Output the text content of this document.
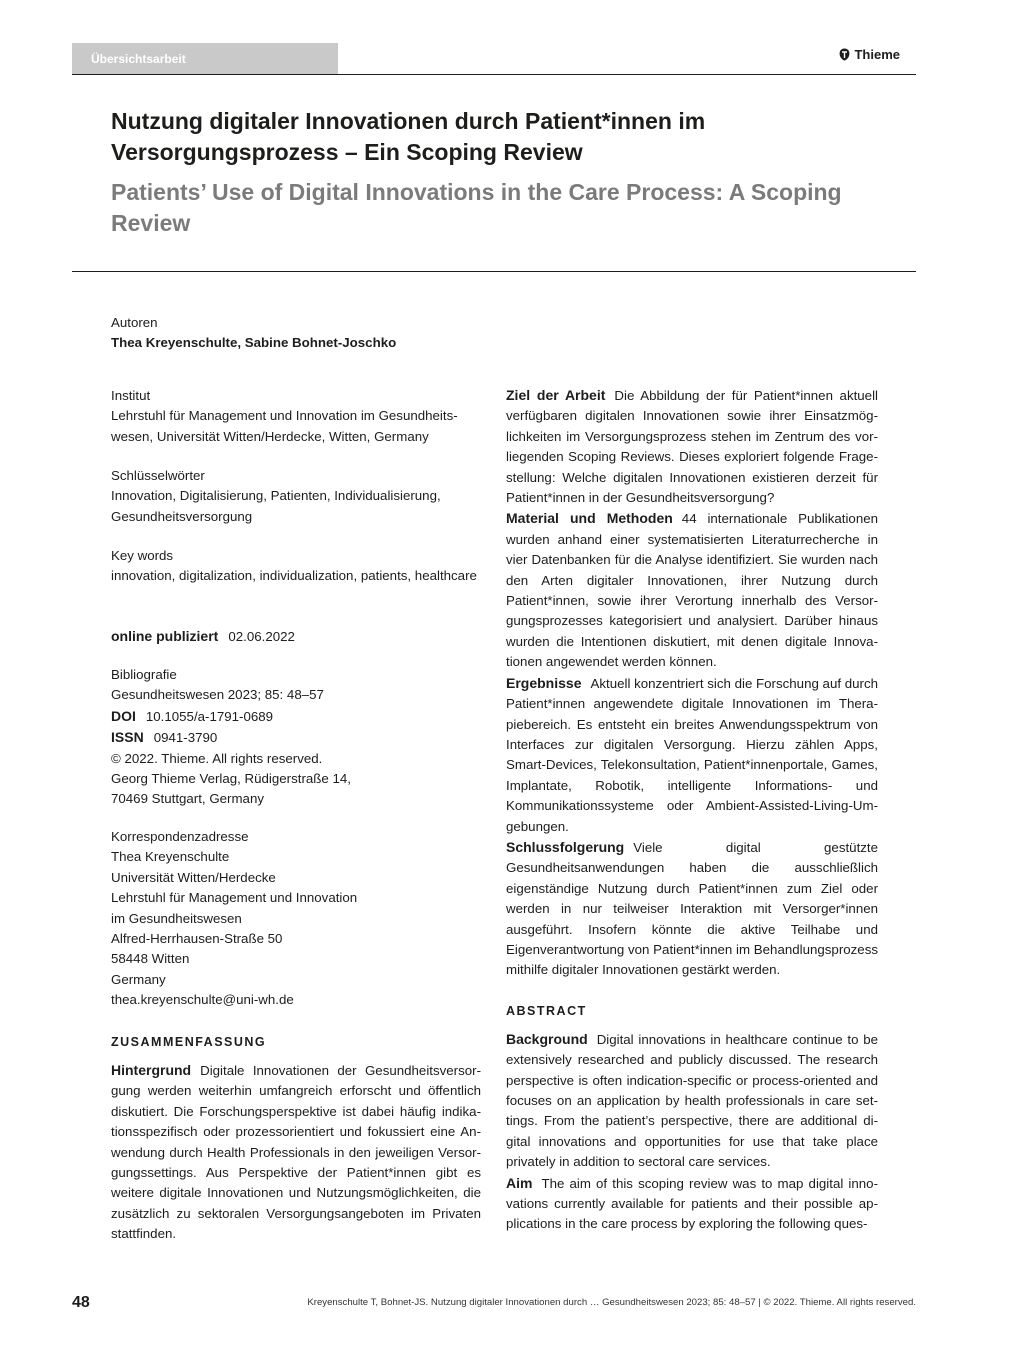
Übersichtsarbeit	Thieme
Nutzung digitaler Innovationen durch Patient*innen im Versorgungsprozess – Ein Scoping Review
Patients’ Use of Digital Innovations in the Care Process: A Scoping Review
Autoren
Thea Kreyenschulte, Sabine Bohnet-Joschko
Institut
Lehrstuhl für Management und Innovation im Gesundheitswesen, Universität Witten/Herdecke, Witten, Germany
Schlüsselwörter
Innovation, Digitalisierung, Patienten, Individualisierung, Gesundheitsversorgung
Key words
innovation, digitalization, individualization, patients, healthcare
online publiziert 02.06.2022
Bibliografie
Gesundheitswesen 2023; 85: 48–57
DOI 10.1055/a-1791-0689
ISSN 0941-3790
© 2022. Thieme. All rights reserved.
Georg Thieme Verlag, Rüdigerstraße 14,
70469 Stuttgart, Germany
Korrespondenzadresse
Thea Kreyenschulte
Universität Witten/Herdecke
Lehrstuhl für Management und Innovation
im Gesundheitswesen
Alfred-Herrhausen-Straße 50
58448 Witten
Germany
thea.kreyenschulte@uni-wh.de
ZUSAMMENFASSUNG

Hintergrund Digitale Innovationen der Gesundheitsversorgung werden weiterhin umfangreich erforscht und öffentlich diskutiert. Die Forschungsperspektive ist dabei häufig indikationsspezifisch oder prozessorientiert und fokussiert eine Anwendung durch Health Professionals in den jeweiligen Versorgungssettings. Aus Perspektive der Patient*innen gibt es weitere digitale Innovationen und Nutzungsmöglichkeiten, die zusätzlich zu sektoralen Versorgungsangeboten im Privaten stattfinden.

Ziel der Arbeit Die Abbildung der für Patient*innen aktuell verfügbaren digitalen Innovationen sowie ihrer Einsatzmöglichkeiten im Versorgungsprozess stehen im Zentrum des vorliegenden Scoping Reviews. Dieses exploriert folgende Fragestellung: Welche digitalen Innovationen existieren derzeit für Patient*innen in der Gesundheitsversorgung?

Material und Methoden 44 internationale Publikationen wurden anhand einer systematisierten Literaturrecherche in vier Datenbanken für die Analyse identifiziert. Sie wurden nach den Arten digitaler Innovationen, ihrer Nutzung durch Patient*innen, sowie ihrer Verortung innerhalb des Versorgungsprozesses kategorisiert und analysiert. Darüber hinaus wurden die Intentionen diskutiert, mit denen digitale Innovationen angewendet werden können.

Ergebnisse Aktuell konzentriert sich die Forschung auf durch Patient*innen angewendete digitale Innovationen im Therapiebereich. Es entsteht ein breites Anwendungsspektrum von Interfaces zur digitalen Versorgung. Hierzu zählen Apps, Smart-Devices, Telekonsultation, Patient*innenportale, Games, Implantate, Robotik, intelligente Informations- und Kommunikationssysteme oder Ambient-Assisted-Living-Umgebungen.

Schlussfolgerung Viele digital gestützte Gesundheitsanwendungen haben die ausschließlich eigenständige Nutzung durch Patient*innen zum Ziel oder werden in nur teilweiser Interaktion mit Versorger*innen ausgeführt. Insofern könnte die aktive Teilhabe und Eigenverantwortung von Patient*innen im Behandlungsprozess mithilfe digitaler Innovationen gestärkt werden.

ABSTRACT

Background Digital innovations in healthcare continue to be extensively researched and publicly discussed. The research perspective is often indication-specific or process-oriented and focuses on an application by health professionals in care settings. From the patient’s perspective, there are additional digital innovations and opportunities for use that take place privately in addition to sectoral care services.

Aim The aim of this scoping review was to map digital innovations currently available for patients and their possible applications in the care process by exploring the following ques-

48	Kreyenschulte T, Bohnet-JS. Nutzung digitaler Innovationen durch … Gesundheitswesen 2023; 85: 48–57 | © 2022. Thieme. All rights reserved.
